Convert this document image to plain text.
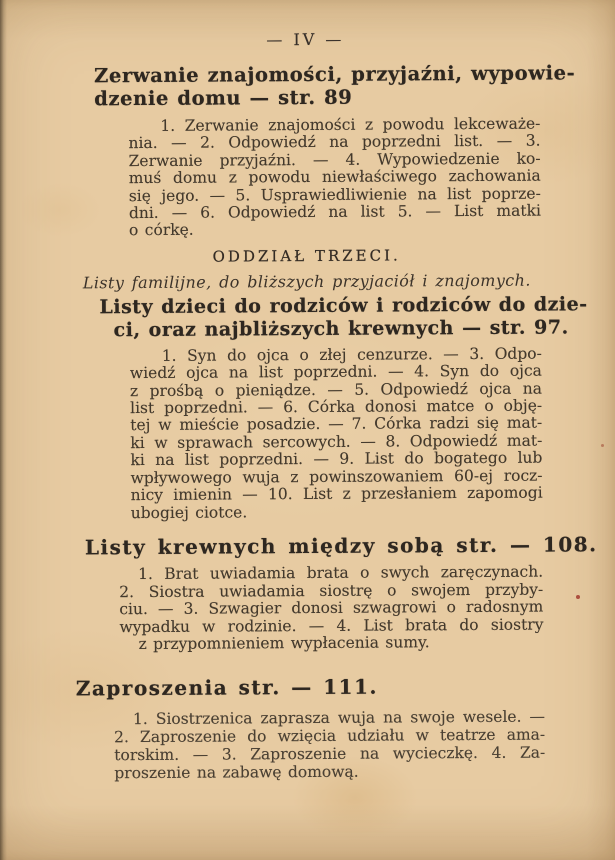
— IV —
Zerwanie znajomości, przyjaźni, wypowie-
dzenie domu — str. 89
1. Zerwanie znajomości z powodu lekceważe-
nia. — 2. Odpowiedź na poprzedni list. — 3.
Zerwanie przyjaźni. — 4. Wypowiedzenie ko-
muś domu z powodu niewłaściwego zachowania
się jego. — 5. Usprawiedliwienie na list poprze-
dni. — 6. Odpowiedź na list 5. — List matki
o córkę.
ODDZIAŁ TRZECI.
Listy familijne, do bliższych przyjaciół i znajomych.
Listy dzieci do rodziców i rodziców do dzie-
ci, oraz najbliższych krewnych — str. 97.
1. Syn do ojca o złej cenzurze. — 3. Odpo-
wiedź ojca na list poprzedni. — 4. Syn do ojca
z prośbą o pieniądze. — 5. Odpowiedź ojca na
list poprzedni. — 6. Córka donosi matce o obję-
tej w mieście posadzie. — 7. Córka radzi się mat-
ki w sprawach sercowych. — 8. Odpowiedź mat-
ki na list poprzedni. — 9. List do bogatego lub
wpływowego wuja z powinszowaniem 60-ej rocz-
nicy imienin — 10. List z przesłaniem zapomogi
ubogiej ciotce.
Listy krewnych między sobą str. — 108.
1. Brat uwiadamia brata o swych zaręczynach.
2. Siostra uwiadamia siostrę o swojem przyby-
ciu. — 3. Szwagier donosi szwagrowi o radosnym
wypadku w rodzinie. — 4. List brata do siostry
z przypomnieniem wypłacenia sumy.
Zaproszenia str. — 111.
1. Siostrzenica zaprasza wuja na swoje wesele. —
2. Zaproszenie do wzięcia udziału w teatrze ama-
torskim. — 3. Zaproszenie na wycieczkę. 4. Za-
proszenie na zabawę domową.
